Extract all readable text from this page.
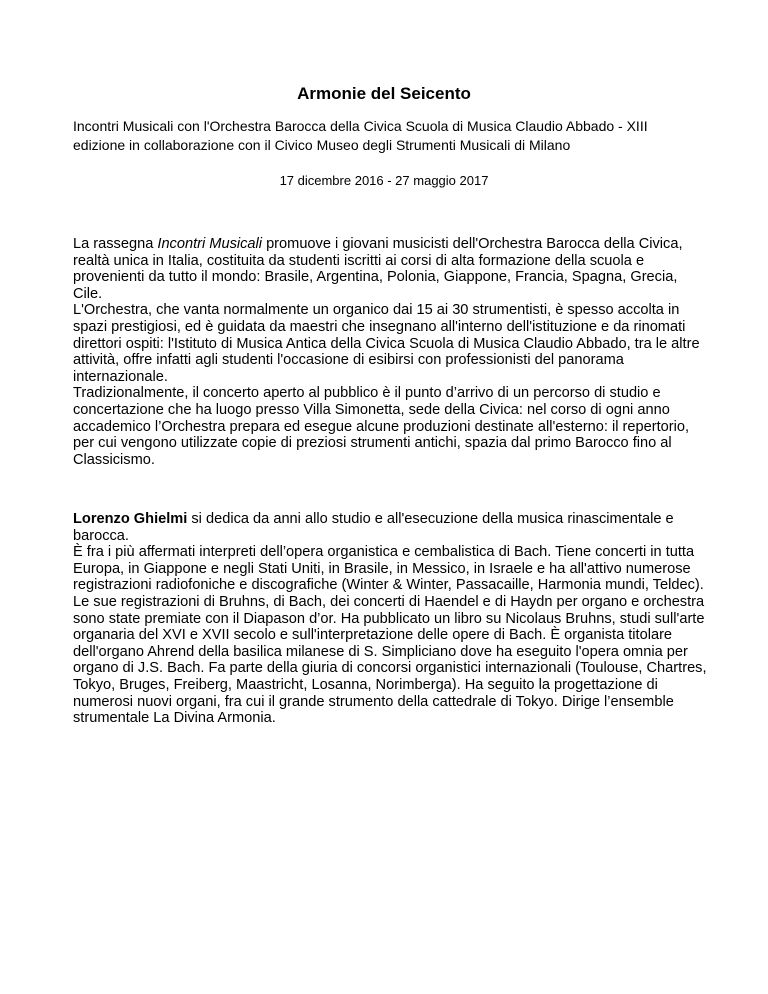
Armonie del Seicento
Incontri Musicali con l'Orchestra Barocca della Civica Scuola di Musica Claudio Abbado - XIII
edizione in collaborazione con il Civico Museo degli Strumenti Musicali di Milano
17 dicembre 2016 - 27 maggio 2017

La rassegna Incontri Musicali promuove i giovani musicisti dell'Orchestra Barocca della Civica, realtà unica in Italia, costituita da studenti iscritti ai corsi di alta formazione della scuola e provenienti da tutto il mondo: Brasile, Argentina, Polonia, Giappone, Francia, Spagna, Grecia, Cile.
L'Orchestra, che vanta normalmente un organico dai 15 ai 30 strumentisti, è spesso accolta in spazi prestigiosi, ed è guidata da maestri che insegnano all'interno dell'istituzione e da rinomati direttori ospiti: l'Istituto di Musica Antica della Civica Scuola di Musica Claudio Abbado, tra le altre attività, offre infatti agli studenti l'occasione di esibirsi con professionisti del panorama internazionale.
Tradizionalmente, il concerto aperto al pubblico è il punto d’arrivo di un percorso di studio e concertazione che ha luogo presso Villa Simonetta, sede della Civica: nel corso di ogni anno accademico l’Orchestra prepara ed esegue alcune produzioni destinate all'esterno: il repertorio, per cui vengono utilizzate copie di preziosi strumenti antichi, spazia dal primo Barocco fino al Classicismo.

Lorenzo Ghielmi si dedica da anni allo studio e all'esecuzione della musica rinascimentale e barocca.
È fra i più affermati interpreti dell’opera organistica e cembalistica di Bach. Tiene concerti in tutta Europa, in Giappone e negli Stati Uniti, in Brasile, in Messico, in Israele e ha all'attivo numerose registrazioni radiofoniche e discografiche (Winter & Winter, Passacaille, Harmonia mundi, Teldec). Le sue registrazioni di Bruhns, di Bach, dei concerti di Haendel e di Haydn per organo e orchestra sono state premiate con il Diapason d’or. Ha pubblicato un libro su Nicolaus Bruhns, studi sull'arte organaria del XVI e XVII secolo e sull'interpretazione delle opere di Bach. È organista titolare dell'organo Ahrend della basilica milanese di S. Simpliciano dove ha eseguito l'opera omnia per organo di J.S. Bach. Fa parte della giuria di concorsi organistici internazionali (Toulouse, Chartres, Tokyo, Bruges, Freiberg, Maastricht, Losanna, Norimberga). Ha seguito la progettazione di numerosi nuovi organi, fra cui il grande strumento della cattedrale di Tokyo. Dirige l’ensemble strumentale La Divina Armonia.
